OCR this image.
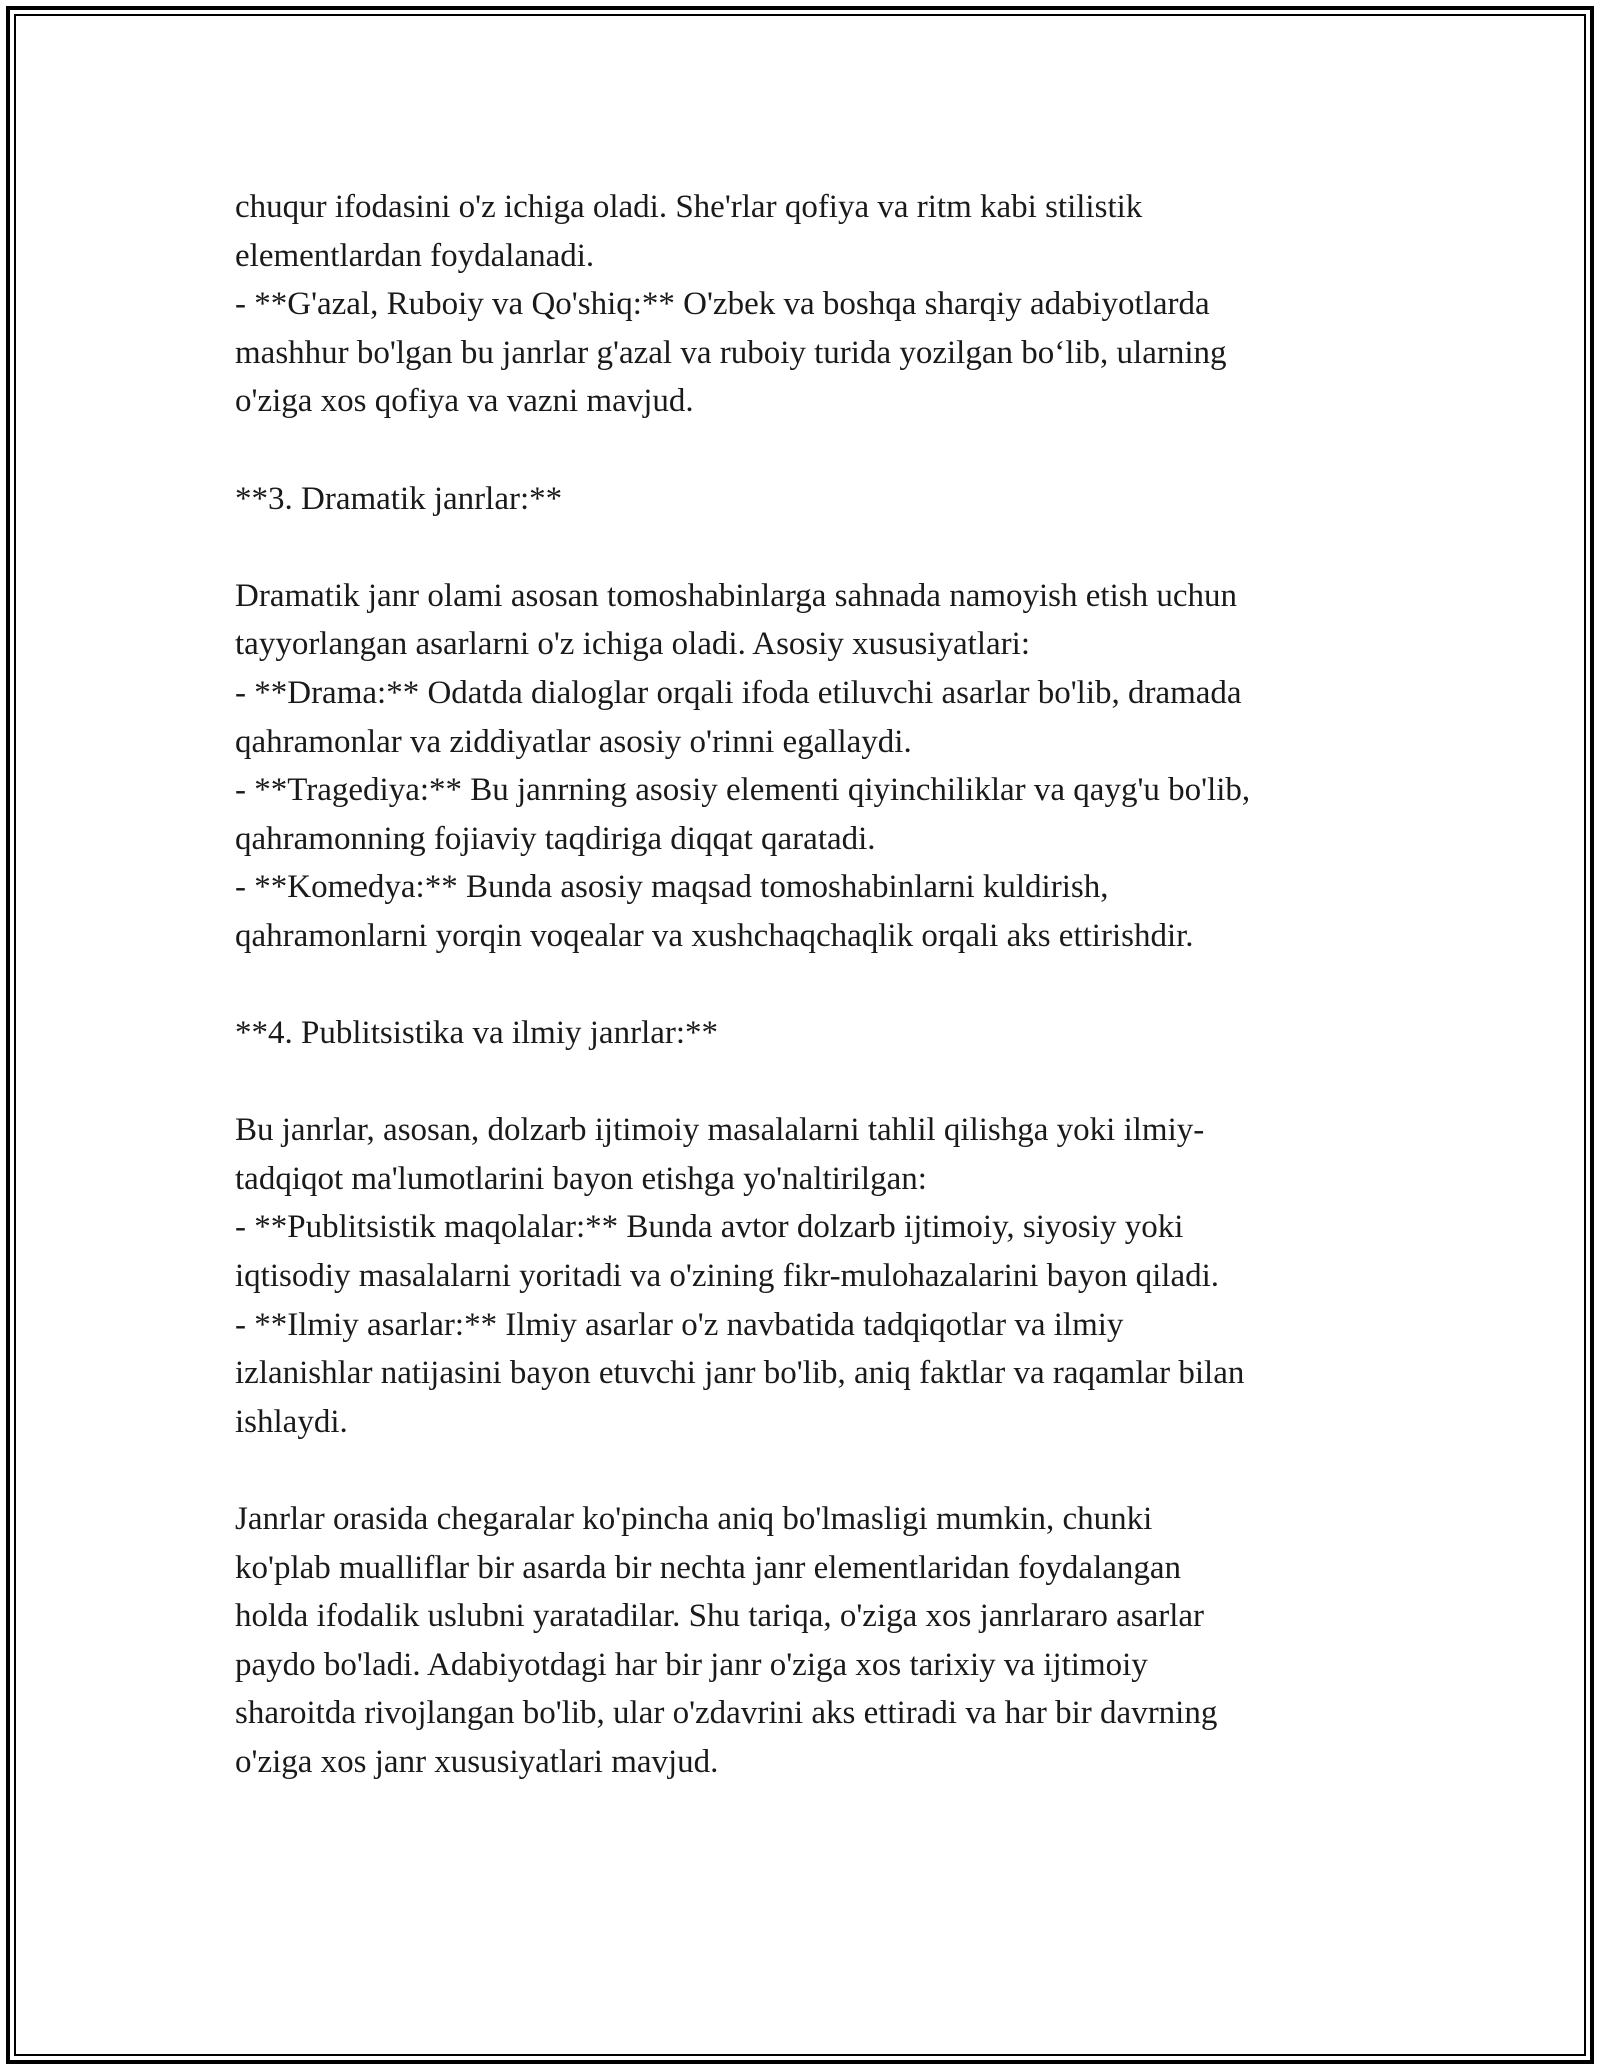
chuqur ifodasini o'z ichiga oladi. She'rlar qofiya va ritm kabi stilistik
elementlardan foydalanadi.
- **G'azal, Ruboiy va Qo'shiq:** O'zbek va boshqa sharqiy adabiyotlarda
mashhur bo'lgan bu janrlar g'azal va ruboiy turida yozilgan bo‘lib, ularning
o'ziga xos qofiya va vazni mavjud.
**3. Dramatik janrlar:**
Dramatik janr olami asosan tomoshabinlarga sahnada namoyish etish uchun
tayyorlangan asarlarni o'z ichiga oladi. Asosiy xususiyatlari:
- **Drama:** Odatda dialoglar orqali ifoda etiluvchi asarlar bo'lib, dramada
qahramonlar va ziddiyatlar asosiy o'rinni egallaydi.
- **Tragediya:** Bu janrning asosiy elementi qiyinchiliklar va qayg'u bo'lib,
qahramonning fojiaviy taqdiriga diqqat qaratadi.
- **Komedya:** Bunda asosiy maqsad tomoshabinlarni kuldirish,
qahramonlarni yorqin voqealar va xushchaqchaqlik orqali aks ettirishdir.
**4. Publitsistika va ilmiy janrlar:**
Bu janrlar, asosan, dolzarb ijtimoiy masalalarni tahlil qilishga yoki ilmiy-
tadqiqot ma'lumotlarini bayon etishga yo'naltirilgan:
- **Publitsistik maqolalar:** Bunda avtor dolzarb ijtimoiy, siyosiy yoki
iqtisodiy masalalarni yoritadi va o'zining fikr-mulohazalarini bayon qiladi.
- **Ilmiy asarlar:** Ilmiy asarlar o'z navbatida tadqiqotlar va ilmiy
izlanishlar natijasini bayon etuvchi janr bo'lib, aniq faktlar va raqamlar bilan
ishlaydi.
Janrlar orasida chegaralar ko'pincha aniq bo'lmasligi mumkin, chunki
ko'plab mualliflar bir asarda bir nechta janr elementlaridan foydalangan
holda ifodalik uslubni yaratadilar. Shu tariqa, o'ziga xos janrlararo asarlar
paydo bo'ladi. Adabiyotdagi har bir janr o'ziga xos tarixiy va ijtimoiy
sharoitda rivojlangan bo'lib, ular o'zdavrini aks ettiradi va har bir davrning
o'ziga xos janr xususiyatlari mavjud.
